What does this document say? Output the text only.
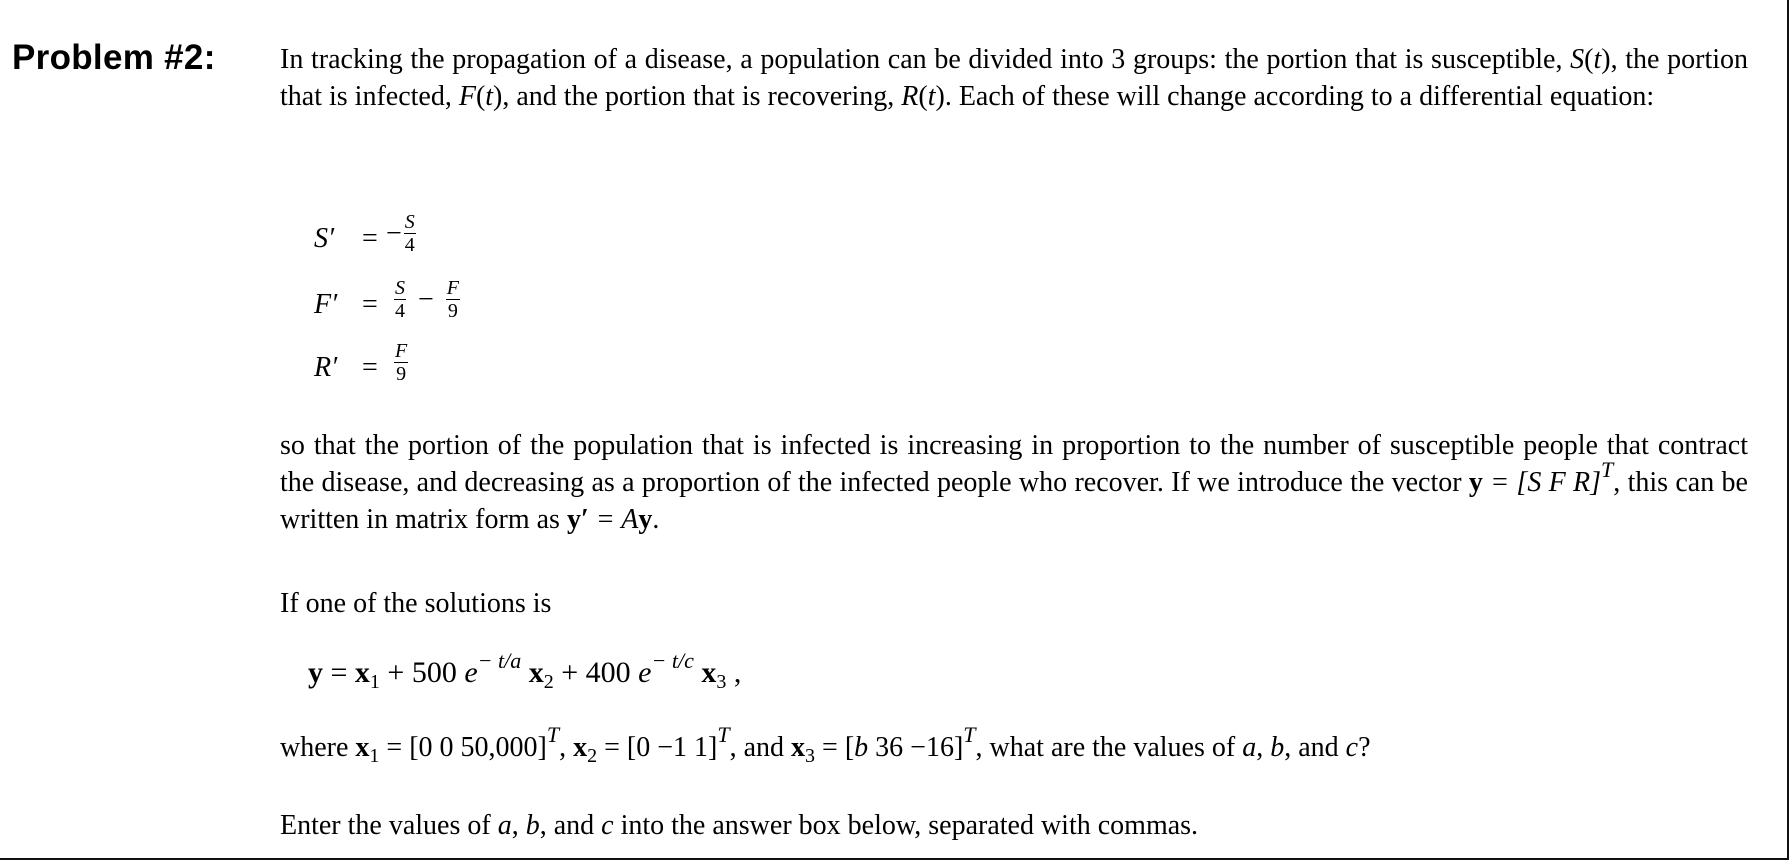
Problem #2: In tracking the propagation of a disease, a population can be divided into 3 groups: the portion that is susceptible, S(t), the portion that is infected, F(t), and the portion that is recovering, R(t). Each of these will change according to a differential equation:
S′ = − $\frac{S}{4}$
$F' = \frac{S}{4} - \frac{F}{9}$
$R' = \frac{F}{9}$
so that the portion of the population that is infected is increasing in proportion to the number of susceptible people that contract the disease, and decreasing as a proportion of the infected people who recover. If we introduce the vector y = [S F R]$^T$, this can be written in matrix form as y′ = Ay.
If one of the solutions is
$y = x_1 + 500$ $e^{- t/a}$ $x_2 + 400$ $e^{- t/c}$ $x_3$ ,
where $x_1 = [0$ 0 50,000]$^T$, $x_2 = [0 -1$ 1]$^T$, and $x_3 = [b$ 36 −16]$^T$, what are the values of a, b, and c?
Enter the values of a, b, and c into the answer box below, separated with commas.
